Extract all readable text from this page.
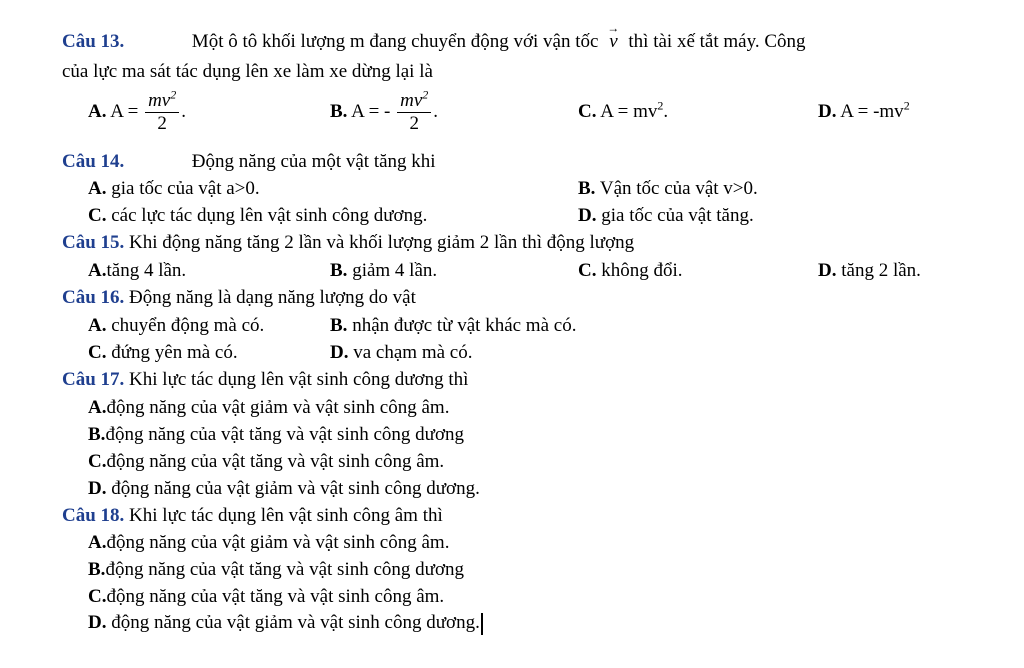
Câu 13.	Một ô tô khối lượng m đang chuyển động với vận tốc → v thì tài xế tắt máy. Công
của lực ma sát tác dụng lên xe làm xe dừng lại là
A. $A = \frac{mv^2}{2}$ .	B. A = - $\frac{mv^2}{2}$ .	C. $A = mv^2$.	D. $A = -mv^2$
Câu 14.	Động năng của một vật tăng khi
A. gia tốc của vật a>0.	B. Vận tốc của vật v>0.
C. các lực tác dụng lên vật sinh công dương.	D. gia tốc của vật tăng.
Câu 15. Khi động năng tăng 2 lần và khối lượng giảm 2 lần thì động lượng
A.tăng 4 lần.	B. giảm 4 lần.	C. không đổi.	D. tăng 2 lần.
Câu 16. Động năng là dạng năng lượng do vật
A. chuyển động mà có.	B. nhận được từ vật khác mà có.
C. đứng yên mà có.	D. va chạm mà có.
Câu 17. Khi lực tác dụng lên vật sinh công dương thì
A.động năng của vật giảm và vật sinh công âm.
B.động năng của vật tăng và vật sinh công dương
C.động năng của vật tăng và vật sinh công âm.
D. động năng của vật giảm và vật sinh công dương.
Câu 18. Khi lực tác dụng lên vật sinh công âm thì
A.động năng của vật giảm và vật sinh công âm.
B.động năng của vật tăng và vật sinh công dương
C.động năng của vật tăng và vật sinh công âm.
D. động năng của vật giảm và vật sinh công dương.
